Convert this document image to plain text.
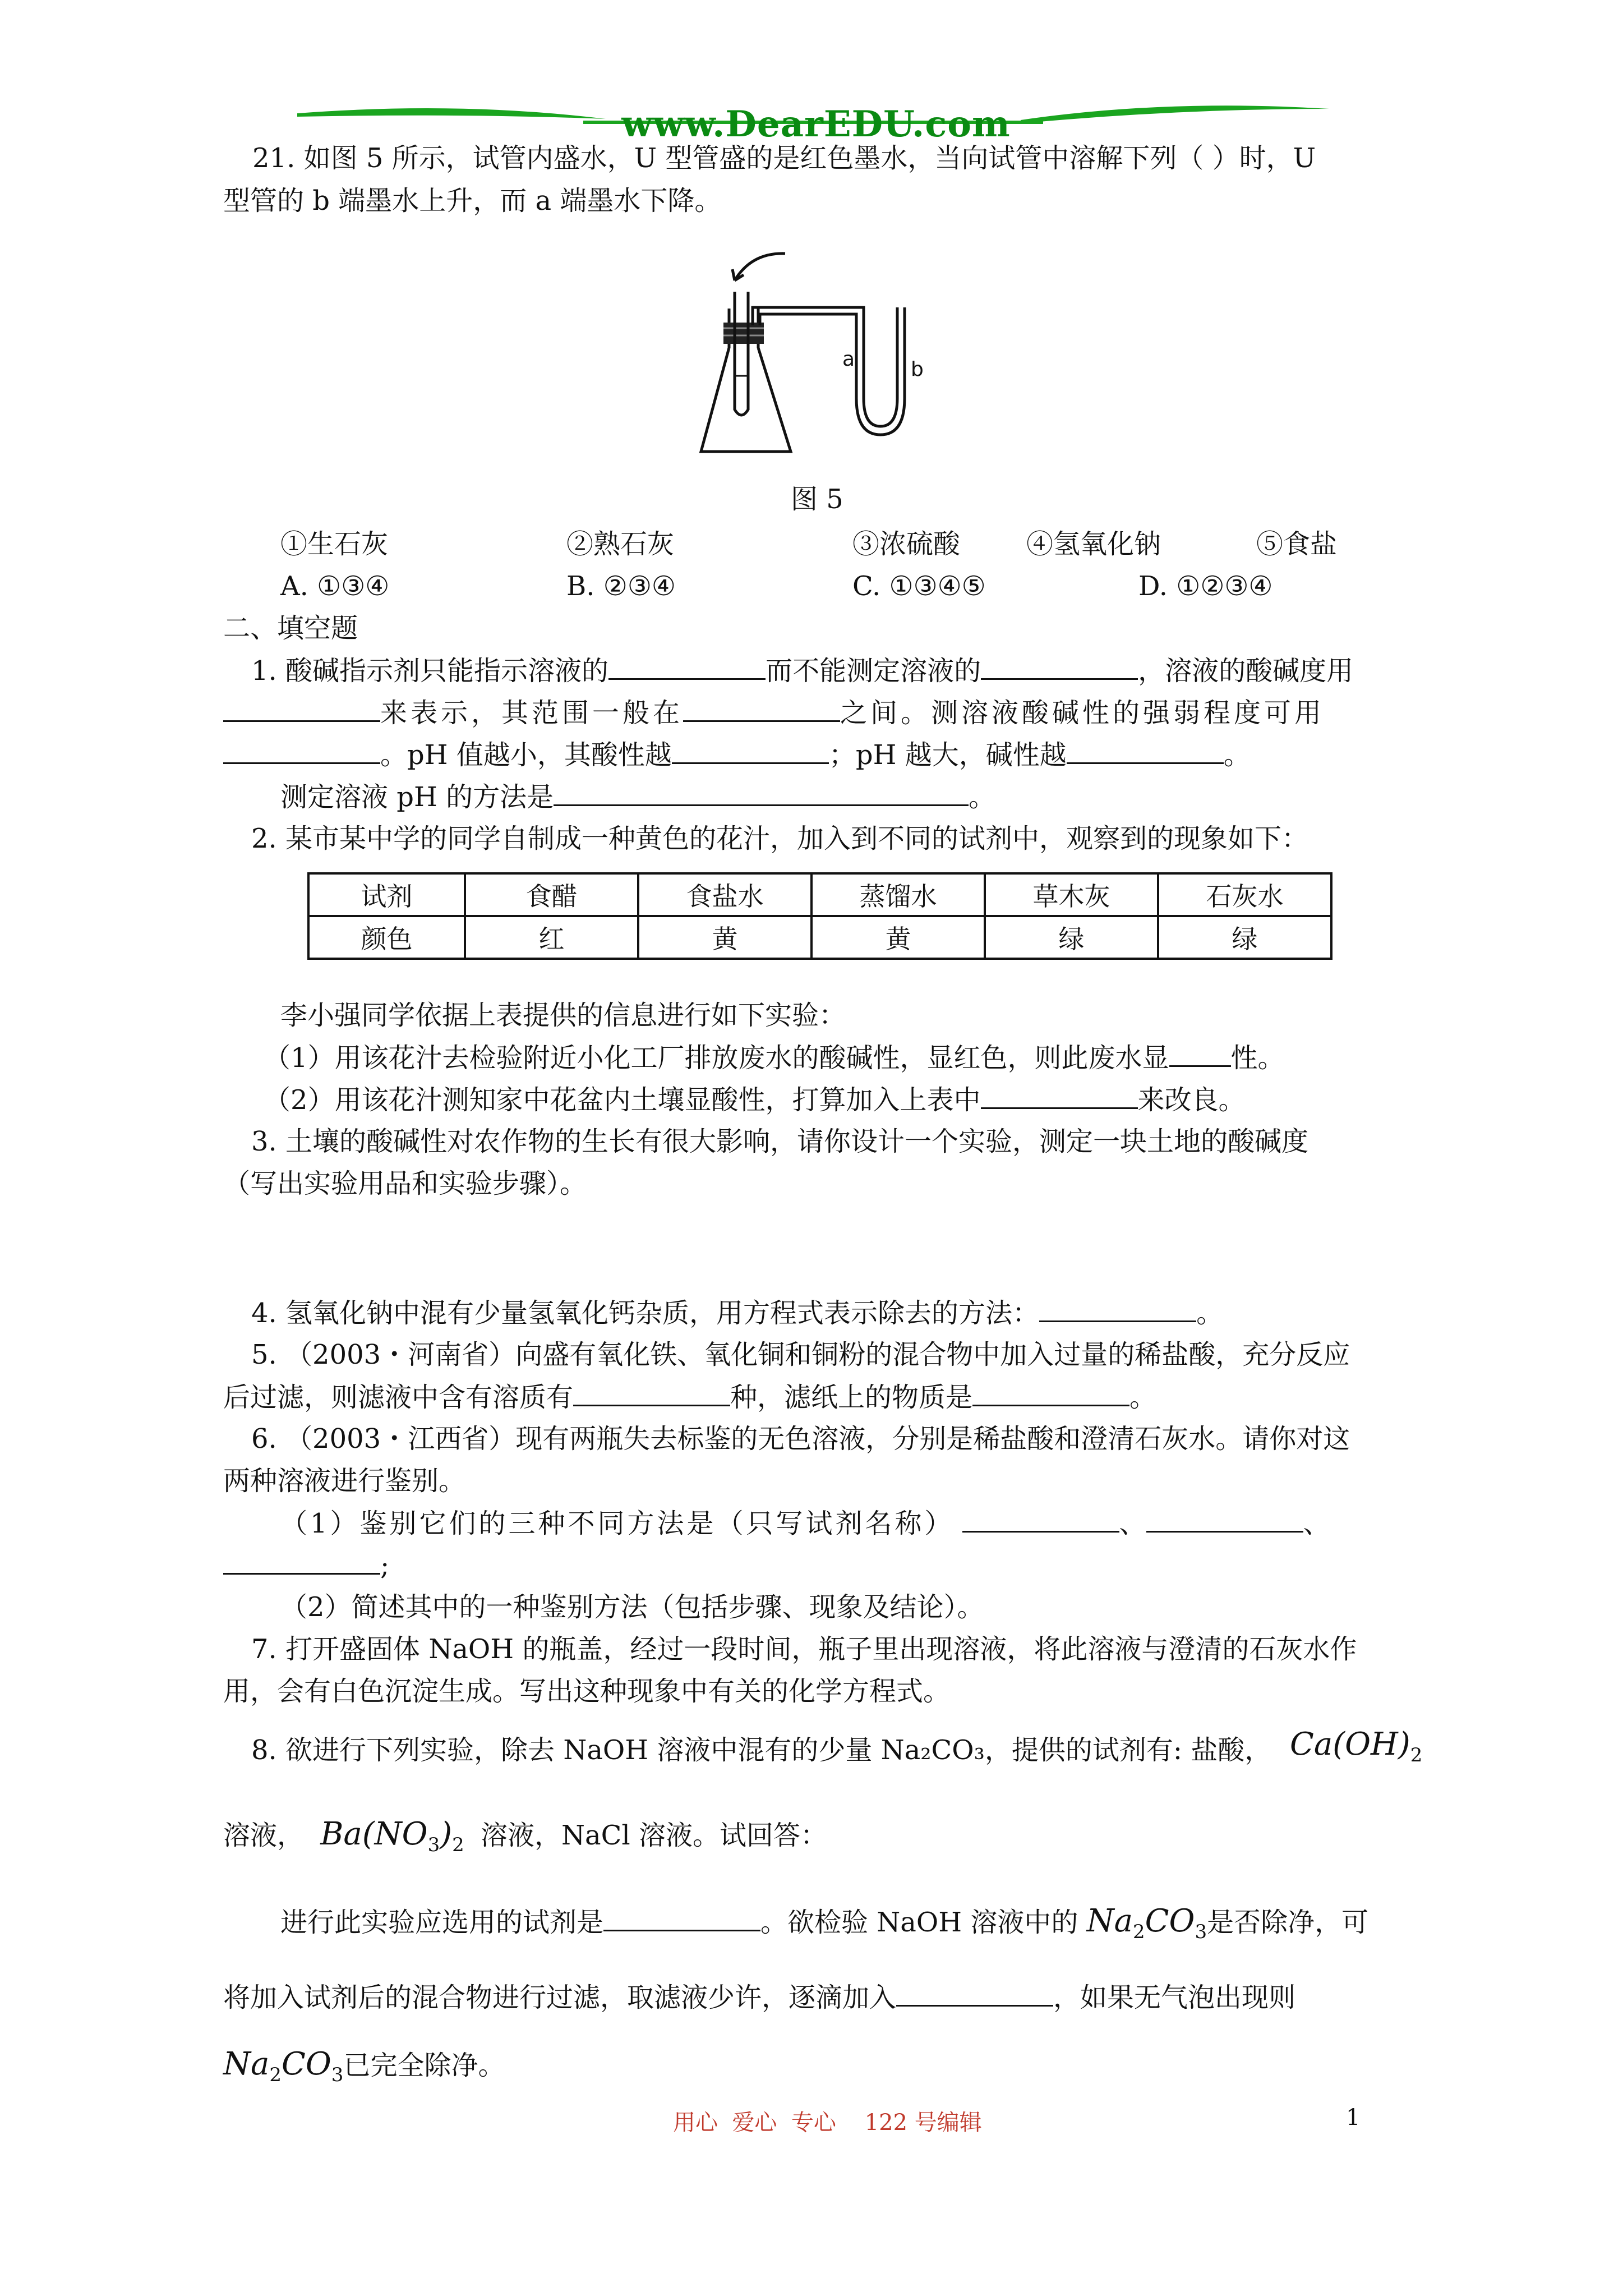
www.DearEDU.com
21. 如图 5 所示，试管内盛水，U 型管盛的是红色墨水，当向试管中溶解下列（ ）时，U
型管的 b 端墨水上升，而 a 端墨水下降。
a	b
图 5
①生石灰	②熟石灰	③浓硫酸 ④氢氧化钠	⑤食盐
A. ①③④	B. ②③④	C. ①③④⑤	D. ①②③④
二、填空题
1. 酸碱指示剂只能指示溶液的	而不能测定溶液的	，溶液的酸碱度用
来表示，其范围一般在	之间。测溶液酸碱性的强弱程度可用
。pH 值越小，其酸性越	；pH 越大，碱性越	。
测定溶液 pH 的方法是	。
2. 某市某中学的同学自制成一种黄色的花汁，加入到不同的试剂中，观察到的现象如下：
试剂	食醋	食盐水	蒸馏水	草木灰	石灰水
颜色	红	黄	黄	绿	绿
李小强同学依据上表提供的信息进行如下实验：
（1）用该花汁去检验附近小化工厂排放废水的酸碱性，显红色，则此废水显 性。
（2）用该花汁测知家中花盆内土壤显酸性，打算加入上表中	来改良。
3. 土壤的酸碱性对农作物的生长有很大影响，请你设计一个实验，测定一块土地的酸碱度
（写出实验用品和实验步骤）。
4. 氢氧化钠中混有少量氢氧化钙杂质，用方程式表示除去的方法：	。
5. （2003・河南省）向盛有氧化铁、氧化铜和铜粉的混合物中加入过量的稀盐酸，充分反应
后过滤，则滤液中含有溶质有	种，滤纸上的物质是	。
6. （2003・江西省）现有两瓶失去标鉴的无色溶液，分别是稀盐酸和澄清石灰水。请你对这
两种溶液进行鉴别。
（1）鉴别它们的三种不同方法是（只写试剂名称）	、	、
;
（2）简述其中的一种鉴别方法（包括步骤、现象及结论）。
7. 打开盛固体 NaOH 的瓶盖，经过一段时间，瓶子里出现溶液，将此溶液与澄清的石灰水作
用，会有白色沉淀生成。写出这种现象中有关的化学方程式。
8. 欲进行下列实验，除去 NaOH 溶液中混有的少量 Na₂CO₃，提供的试剂有: 盐酸， $Ca(OH)_2$
溶液， $Ba(NO_3)_2$ 溶液，NaCl 溶液。试回答：
进行此实验应选用的试剂是	。欲检验 NaOH 溶液中的 $Na_2CO_3$是否除净，可
将加入试剂后的混合物进行过滤，取滤液少许，逐滴加入	，如果无气泡出现则
$Na_2CO_3$已完全除净。
用心  爱心  专心    122 号编辑	1
